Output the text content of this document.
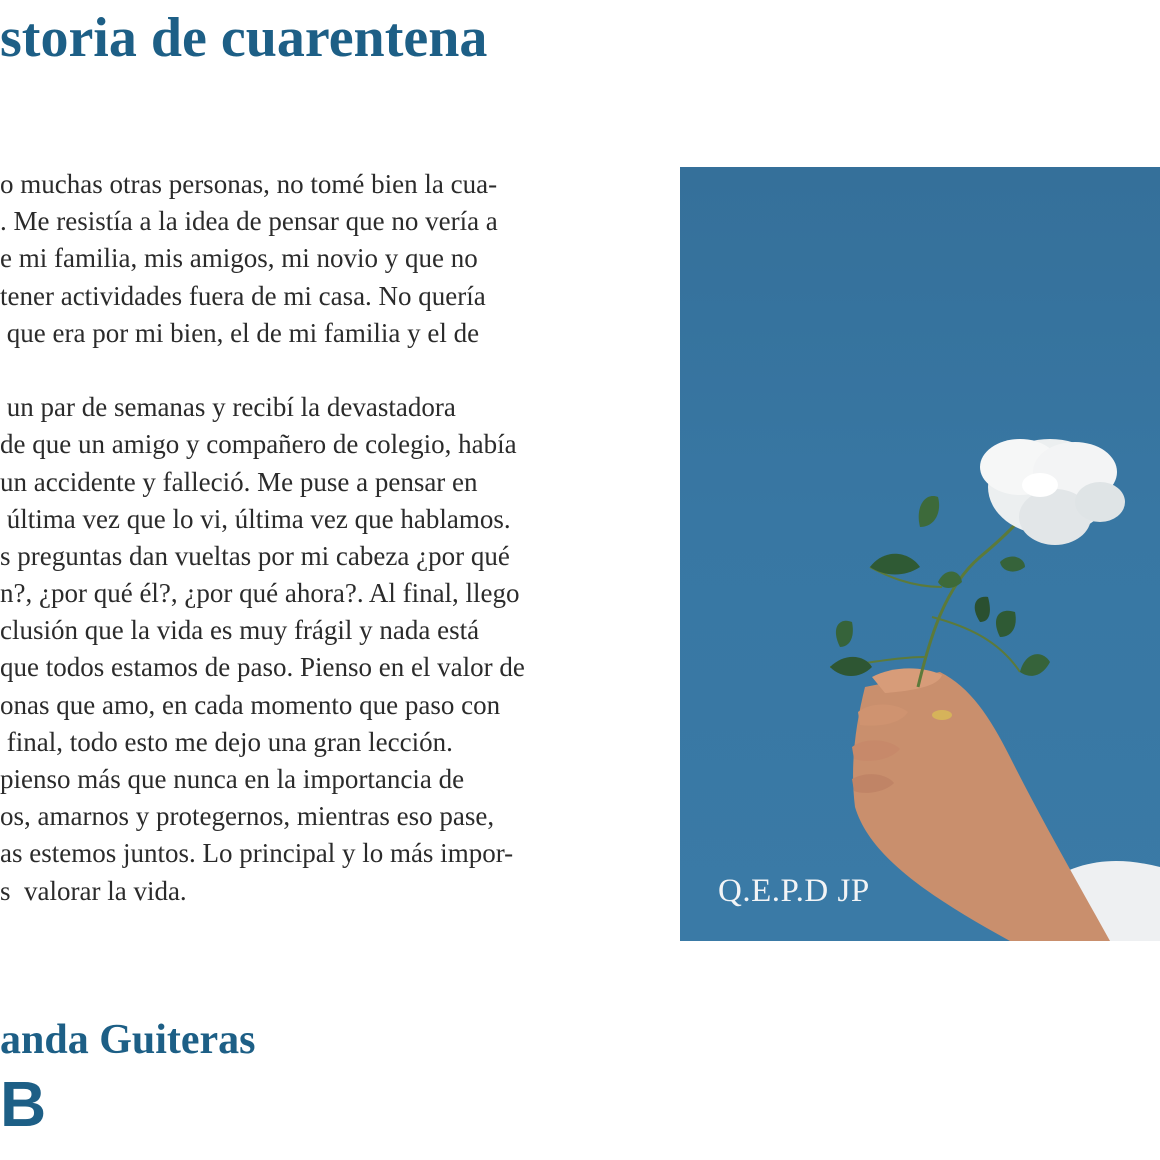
storia de cuarentena

o muchas otras personas, no tomé bien la cua-
. Me resistía a la idea de pensar que no vería a
e mi familia, mis amigos, mi novio y que no
tener actividades fuera de mi casa. No quería
que era por mi bien, el de mi familia y el de

un par de semanas y recibí la devastadora
de que un amigo y compañero de colegio, había
un accidente y falleció. Me puse a pensar en
última vez que lo vi, última vez que hablamos.
s preguntas dan vueltas por mi cabeza ¿por qué
n?, ¿por qué él?, ¿por qué ahora?. Al final, llego
clusión que la vida es muy frágil y nada está
que todos estamos de paso. Pienso en el valor de
onas que amo, en cada momento que paso con
final, todo esto me dejo una gran lección.
pienso más que nunca en la importancia de
os, amarnos y protegernos, mientras eso pase,
as estemos juntos. Lo principal y lo más impor-
s  valorar la vida.	Q.E.P.D JP
anda Guiteras
B
